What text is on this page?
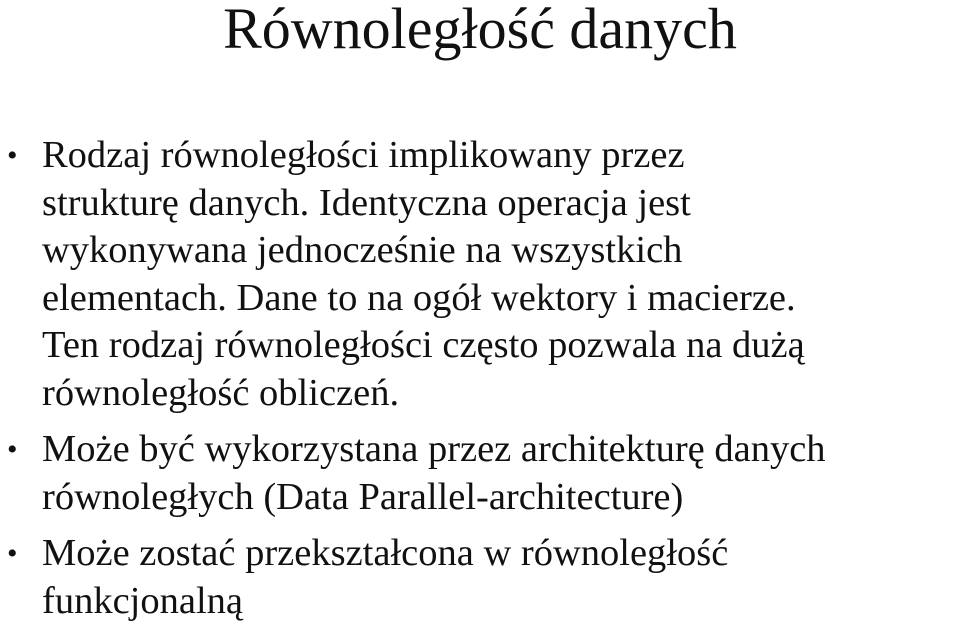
Równoległość danych
• Rodzaj równoległości implikowany przez
strukturę danych. Identyczna operacja jest
wykonywana jednocześnie na wszystkich
elementach. Dane to na ogół wektory i macierze.
Ten rodzaj równoległości często pozwala na dużą
równoległość obliczeń.
• Może być wykorzystana przez architekturę danych
równoległych (Data Parallel-architecture)
• Może zostać przekształcona w równoległość
funkcjonalną
